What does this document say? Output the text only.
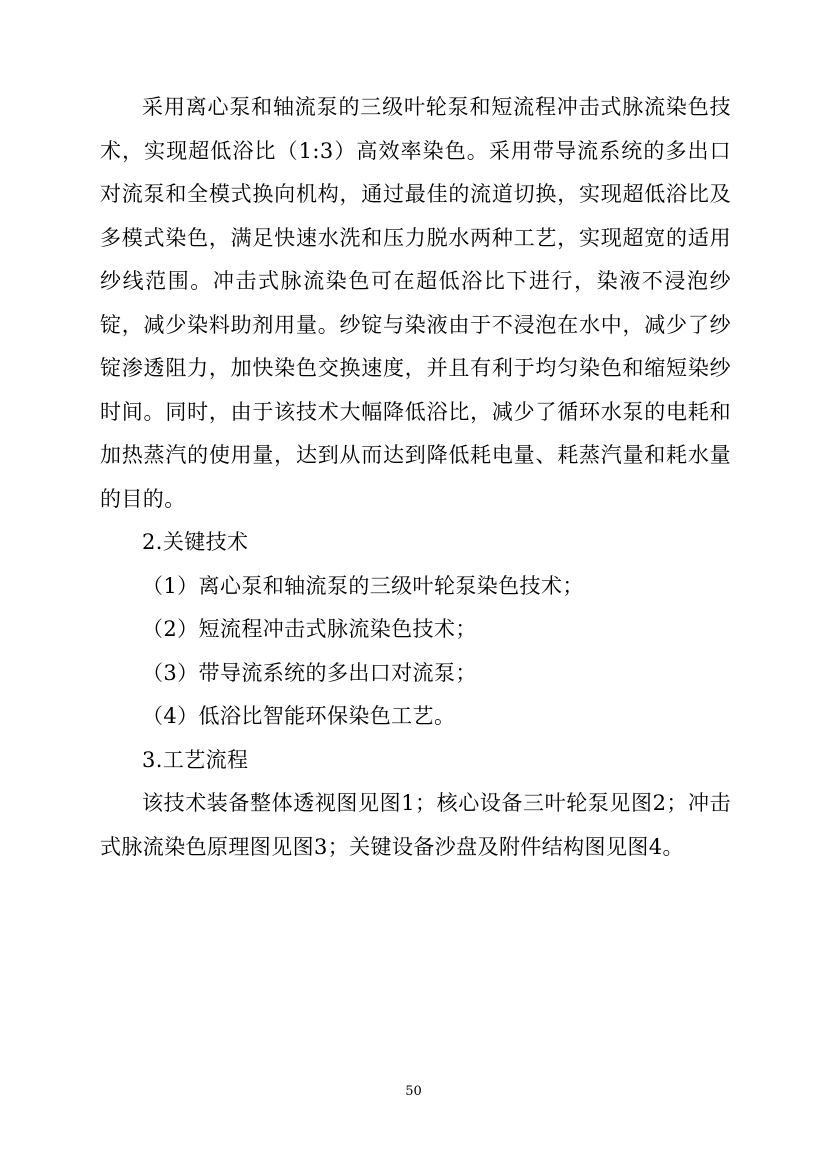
采用离心泵和轴流泵的三级叶轮泵和短流程冲击式脉流染色技术，实现超低浴比（1:3）高效率染色。采用带导流系统的多出口对流泵和全模式换向机构，通过最佳的流道切换，实现超低浴比及多模式染色，满足快速水洗和压力脱水两种工艺，实现超宽的适用纱线范围。冲击式脉流染色可在超低浴比下进行，染液不浸泡纱锭，减少染料助剂用量。纱锭与染液由于不浸泡在水中，减少了纱锭渗透阻力，加快染色交换速度，并且有利于均匀染色和缩短染纱时间。同时，由于该技术大幅降低浴比，减少了循环水泵的电耗和加热蒸汽的使用量，达到从而达到降低耗电量、耗蒸汽量和耗水量的目的。

2.关键技术

（1）离心泵和轴流泵的三级叶轮泵染色技术；

（2）短流程冲击式脉流染色技术；

（3）带导流系统的多出口对流泵；

（4）低浴比智能环保染色工艺。

3.工艺流程

该技术装备整体透视图见图1；核心设备三叶轮泵见图2；冲击式脉流染色原理图见图3；关键设备沙盘及附件结构图见图4。

50
